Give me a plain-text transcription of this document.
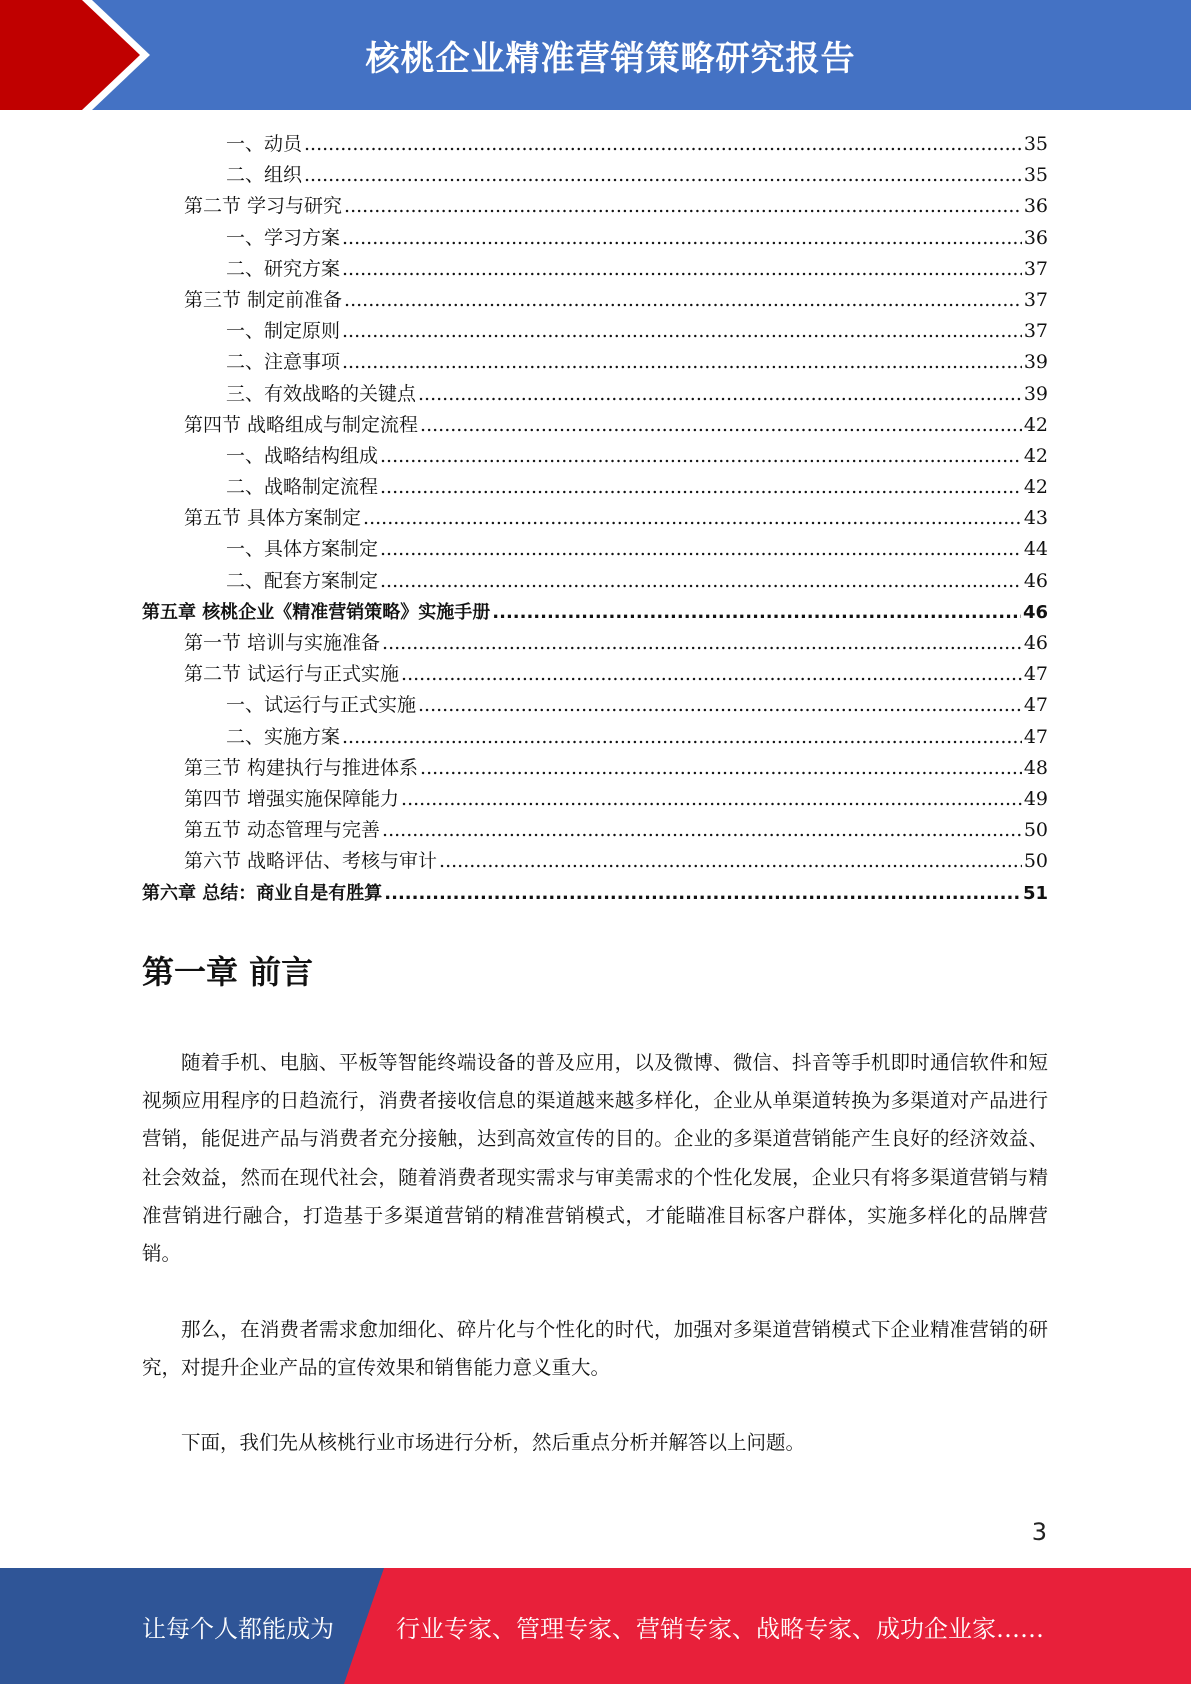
核桃企业精准营销策略研究报告
一、动员 .....	35
二、组织 .....	35
第二节 学习与研究 .....	36
一、学习方案 .....	36
二、研究方案 .....	37
第三节 制定前准备 .....	37
一、制定原则 .....	37
二、注意事项 .....	39
三、有效战略的关键点 .....	39
第四节 战略组成与制定流程 .....	42
一、战略结构组成 .....	42
二、战略制定流程 .....	42
第五节 具体方案制定 .....	43
一、具体方案制定 .....	44
二、配套方案制定 .....	46
第五章 核桃企业《精准营销策略》实施手册 .....	46
第一节 培训与实施准备 .....	46
第二节 试运行与正式实施 .....	47
一、试运行与正式实施 .....	47
二、实施方案 .....	47
第三节 构建执行与推进体系 .....	48
第四节 增强实施保障能力 .....	49
第五节 动态管理与完善 .....	50
第六节 战略评估、考核与审计 .....	50
第六章 总结：商业自是有胜算 .....	51
第一章 前言

随着手机、电脑、平板等智能终端设备的普及应用，以及微博、微信、抖音等手机即时通信软件和短视频应用程序的日趋流行，消费者接收信息的渠道越来越多样化，企业从单渠道转换为多渠道对产品进行营销，能促进产品与消费者充分接触，达到高效宣传的目的。企业的多渠道营销能产生良好的经济效益、社会效益，然而在现代社会，随着消费者现实需求与审美需求的个性化发展，企业只有将多渠道营销与精准营销进行融合，打造基于多渠道营销的精准营销模式，才能瞄准目标客户群体，实施多样化的品牌营销。

那么，在消费者需求愈加细化、碎片化与个性化的时代，加强对多渠道营销模式下企业精准营销的研究，对提升企业产品的宣传效果和销售能力意义重大。

下面，我们先从核桃行业市场进行分析，然后重点分析并解答以上问题。

3
让每个人都能成为	行业专家、管理专家、营销专家、战略专家、成功企业家……
